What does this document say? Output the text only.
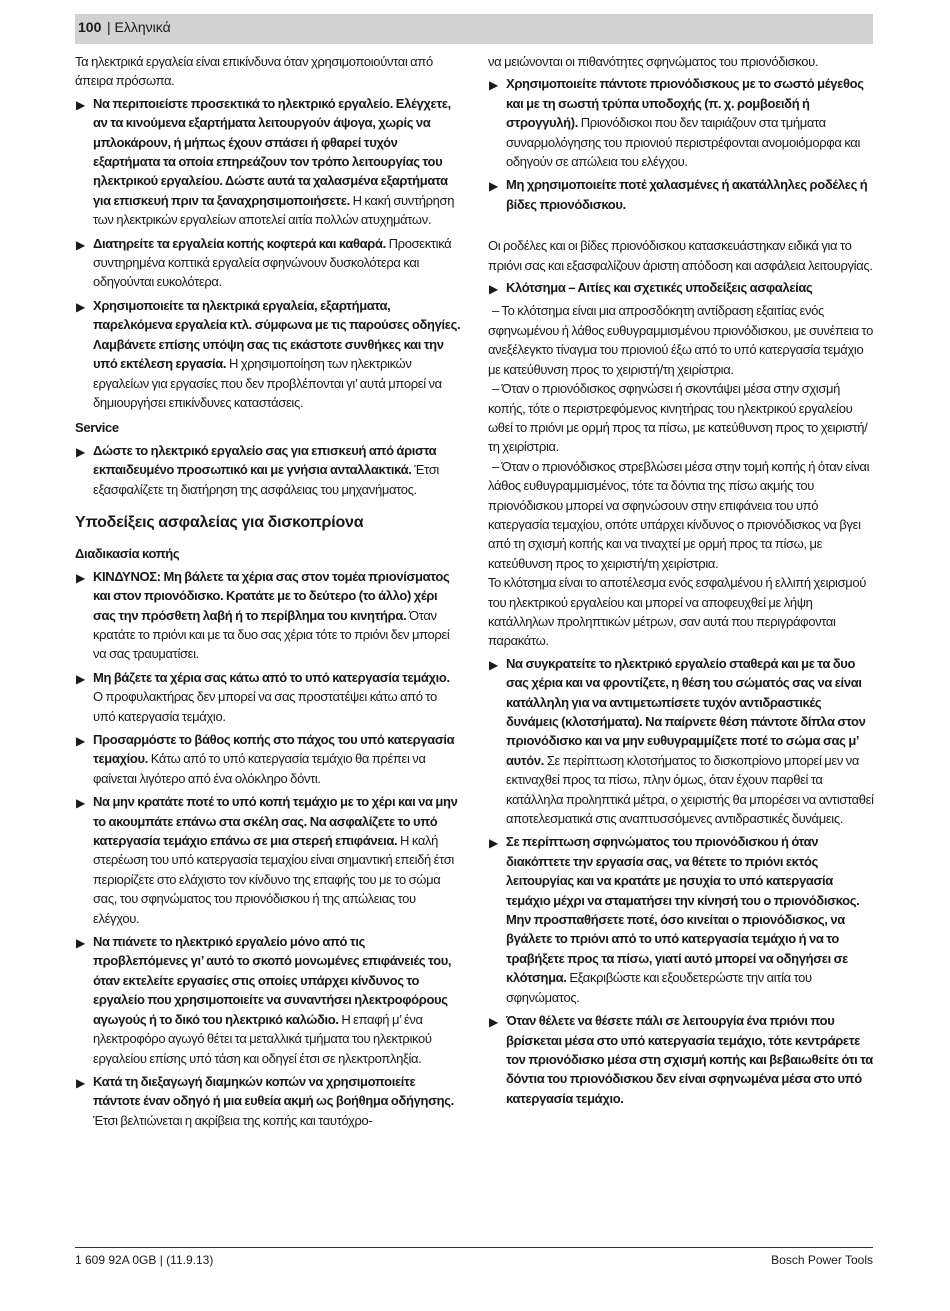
100
| Ελληνικά

Τα ηλεκτρικά εργαλεία είναι επικίνδυνα όταν χρησιμοποιούνται από άπειρα πρόσωπα.

▶ Να περιποιείστε προσεκτικά το ηλεκτρικό εργαλείο. Ελέγχετε, αν τα κινούμενα εξαρτήματα λειτουργούν άψογα, χωρίς να μπλοκάρουν, ή μήπως έχουν σπάσει ή φθαρεί τυχόν εξαρτήματα τα οποία επηρεάζουν τον τρόπο λειτουργίας του ηλεκτρικού εργαλείου. Δώστε αυτά τα χαλασμένα εξαρτήματα για επισκευή πριν τα ξαναχρησιμοποιήσετε. Η κακή συντήρηση των ηλεκτρικών εργαλείων αποτελεί αιτία πολλών ατυχημάτων.
▶ Διατηρείτε τα εργαλεία κοπής κοφτερά και καθαρά. Προσεκτικά συντηρημένα κοπτικά εργαλεία σφηνώνουν δυσκολότερα και οδηγούνται ευκολότερα.
▶ Χρησιμοποιείτε τα ηλεκτρικά εργαλεία, εξαρτήματα, παρελκόμενα εργαλεία κτλ. σύμφωνα με τις παρούσες οδηγίες. Λαμβάνετε επίσης υπόψη σας τις εκάστοτε συνθήκες και την υπό εκτέλεση εργασία. Η χρησιμοποίηση των ηλεκτρικών εργαλείων για εργασίες που δεν προβλέπονται γι’ αυτά μπορεί να δημιουργήσει επικίνδυνες καταστάσεις.
Service
▶ Δώστε το ηλεκτρικό εργαλείο σας για επισκευή από άριστα εκπαιδευμένο προσωπικό και με γνήσια ανταλλακτικά. Έτσι εξασφαλίζετε τη διατήρηση της ασφάλειας του μηχανήματος.
Υποδείξεις ασφαλείας για δισκοπρίονα
Διαδικασία κοπής
▶ ΚΙΝΔΥΝΟΣ: Μη βάλετε τα χέρια σας στον τομέα πριονίσματος και στον πριονόδισκο. Κρατάτε με το δεύτερο (το άλλο) χέρι σας την πρόσθετη λαβή ή το περίβλημα του κινητήρα. Όταν κρατάτε το πριόνι και με τα δυο σας χέρια τότε το πριόνι δεν μπορεί να σας τραυματίσει.
▶ Μη βάζετε τα χέρια σας κάτω από το υπό κατεργασία τεμάχιο. Ο προφυλακτήρας δεν μπορεί να σας προστατέψει κάτω από το υπό κατεργασία τεμάχιο.
▶ Προσαρμόστε το βάθος κοπής στο πάχος του υπό κατεργασία τεμαχίου. Κάτω από το υπό κατεργασία τεμάχιο θα πρέπει να φαίνεται λιγότερο από ένα ολόκληρο δόντι.
▶ Να μην κρατάτε ποτέ το υπό κοπή τεμάχιο με το χέρι και να μην το ακουμπάτε επάνω στα σκέλη σας. Να ασφαλίζετε το υπό κατεργασία τεμάχιο επάνω σε μια στερεή επιφάνεια. Η καλή στερέωση του υπό κατεργασία τεμαχίου είναι σημαντική επειδή έτσι περιορίζετε στο ελάχιστο τον κίνδυνο της επαφής του με το σώμα σας, του σφηνώματος του πριονόδισκου ή της απώλειας του ελέγχου.
▶ Να πιάνετε το ηλεκτρικό εργαλείο μόνο από τις προβλεπόμενες γι’ αυτό το σκοπό μονωμένες επιφάνειές του, όταν εκτελείτε εργασίες στις οποίες υπάρχει κίνδυνος το εργαλείο που χρησιμοποιείτε να συναντήσει ηλεκτροφόρους αγωγούς ή το δικό του ηλεκτρικό καλώδιο. Η επαφή μ’ ένα ηλεκτροφόρο αγωγό θέτει τα μεταλλικά τμήματα του ηλεκτρικού εργαλείου επίσης υπό τάση και οδηγεί έτσι σε ηλεκτροπληξία.
▶ Κατά τη διεξαγωγή διαμηκών κοπών να χρησιμοποιείτε πάντοτε έναν οδηγό ή μια ευθεία ακμή ως βοήθημα οδήγησης. Έτσι βελτιώνεται η ακρίβεια της κοπής και ταυτόχρο-

να μειώνονται οι πιθανότητες σφηνώματος του πριονόδισκου.

▶ Χρησιμοποιείτε πάντοτε πριονόδισκους με το σωστό μέγεθος και με τη σωστή τρύπα υποδοχής (π. χ. ρομβοειδή ή στρογγυλή). Πριονόδισκοι που δεν ταιριάζουν στα τμήματα συναρμολόγησης του πριονιού περιστρέφονται ανομοιόμορφα και οδηγούν σε απώλεια του ελέγχου.
▶ Μη χρησιμοποιείτε ποτέ χαλασμένες ή ακατάλληλες ροδέλες ή βίδες πριονόδισκου.

Οι ροδέλες και οι βίδες πριονόδισκου κατασκευάστηκαν ειδικά για το πριόνι σας και εξασφαλίζουν άριστη απόδοση και ασφάλεια λειτουργίας.

▶ Κλότσημα – Αιτίες και σχετικές υποδείξεις ασφαλείας

– Το κλότσημα είναι μια απροσδόκητη αντίδραση εξαιτίας ενός σφηνωμένου ή λάθος ευθυγραμμισμένου πριονόδισκου, με συνέπεια το ανεξέλεγκτο τίναγμα του πριονιού έξω από το υπό κατεργασία τεμάχιο με κατεύθυνση προς το χειριστή/τη χειρίστρια.

– Όταν ο πριονόδισκος σφηνώσει ή σκοντάψει μέσα στην σχισμή κοπής, τότε ο περιστρεφόμενος κινητήρας του ηλεκτρικού εργαλείου ωθεί το πριόνι με ορμή προς τα πίσω, με κατεύθυνση προς το χειριστή/τη χειρίστρια.

– Όταν ο πριονόδισκος στρεβλώσει μέσα στην τομή κοπής ή όταν είναι λάθος ευθυγραμμισμένος, τότε τα δόντια της πίσω ακμής του πριονόδισκου μπορεί να σφηνώσουν στην επιφάνεια του υπό κατεργασία τεμαχίου, οπότε υπάρχει κίνδυνος ο πριονόδισκος να βγει από τη σχισμή κοπής και να τιναχτεί με ορμή προς τα πίσω, με κατεύθυνση προς το χειριστή/τη χειρίστρια.

Το κλότσημα είναι το αποτέλεσμα ενός εσφαλμένου ή ελλιπή χειρισμού του ηλεκτρικού εργαλείου και μπορεί να αποφευχθεί με λήψη κατάλληλων προληπτικών μέτρων, σαν αυτά που περιγράφονται παρακάτω.

▶ Να συγκρατείτε το ηλεκτρικό εργαλείο σταθερά και με τα δυο σας χέρια και να φροντίζετε, η θέση του σώματός σας να είναι κατάλληλη για να αντιμετωπίσετε τυχόν αντιδραστικές δυνάμεις (κλοτσήματα). Να παίρνετε θέση πάντοτε δίπλα στον πριονόδισκο και να μην ευθυγραμμίζετε ποτέ το σώμα σας μ’ αυτόν. Σε περίπτωση κλοτσήματος το δισκοπρίονο μπορεί μεν να εκτιναχθεί προς τα πίσω, πλην όμως, όταν έχουν παρθεί τα κατάλληλα προληπτικά μέτρα, ο χειριστής θα μπορέσει να αντισταθεί αποτελεσματικά στις αναπτυσσόμενες αντιδραστικές δυνάμεις.
▶ Σε περίπτωση σφηνώματος του πριονόδισκου ή όταν διακόπτετε την εργασία σας, να θέτετε το πριόνι εκτός λειτουργίας και να κρατάτε με ησυχία το υπό κατεργασία τεμάχιο μέχρι να σταματήσει την κίνησή του ο πριονόδισκος. Μην προσπαθήσετε ποτέ, όσο κινείται ο πριονόδισκος, να βγάλετε το πριόνι από το υπό κατεργασία τεμάχιο ή να το τραβήξετε προς τα πίσω, γιατί αυτό μπορεί να οδηγήσει σε κλότσημα. Εξακριβώστε και εξουδετερώστε την αιτία του σφηνώματος.
▶ Όταν θέλετε να θέσετε πάλι σε λειτουργία ένα πριόνι που βρίσκεται μέσα στο υπό κατεργασία τεμάχιο, τότε κεντράρετε τον πριονόδισκο μέσα στη σχισμή κοπής και βεβαιωθείτε ότι τα δόντια του πριονόδισκου δεν είναι σφηνωμένα μέσα στο υπό κατεργασία τεμάχιο.
1 609 92A 0GB | (11.9.13)	Bosch Power Tools
